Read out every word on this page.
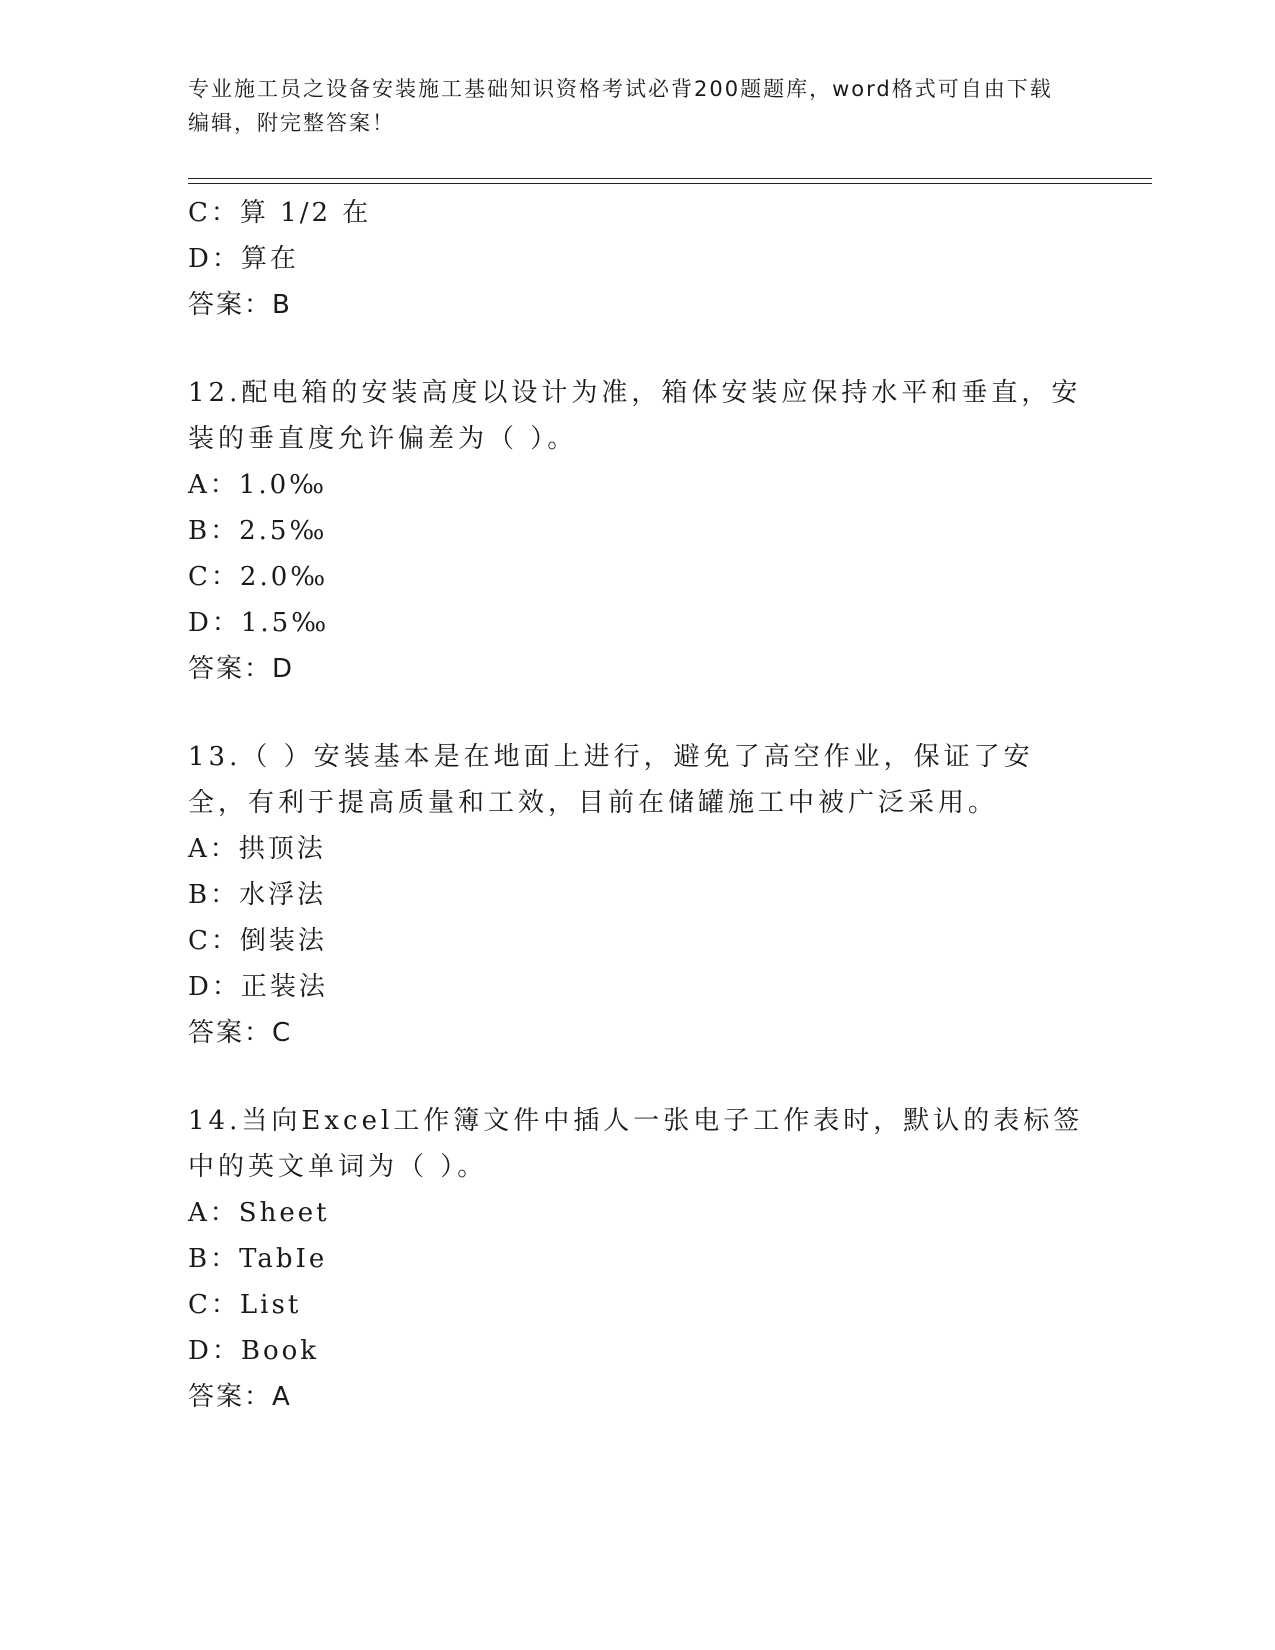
专业施工员之设备安装施工基础知识资格考试必背200题题库，word格式可自由下载编辑，附完整答案！
C：算 1/2 在
D：算在
答案：B
12.配电箱的安装高度以设计为准，箱体安装应保持水平和垂直，安装的垂直度允许偏差为（ ）。
A：1.0‰
B：2.5‰
C：2.0‰
D：1.5‰
答案：D
13.（ ）安装基本是在地面上进行，避免了高空作业，保证了安全，有利于提高质量和工效，目前在储罐施工中被广泛采用。
A：拱顶法
B：水浮法
C：倒装法
D：正装法
答案：C
14.当向Excel工作簿文件中插人一张电子工作表时，默认的表标签中的英文单词为（ ）。
A：Sheet
B：TabIe
C：List
D：Book
答案：A
